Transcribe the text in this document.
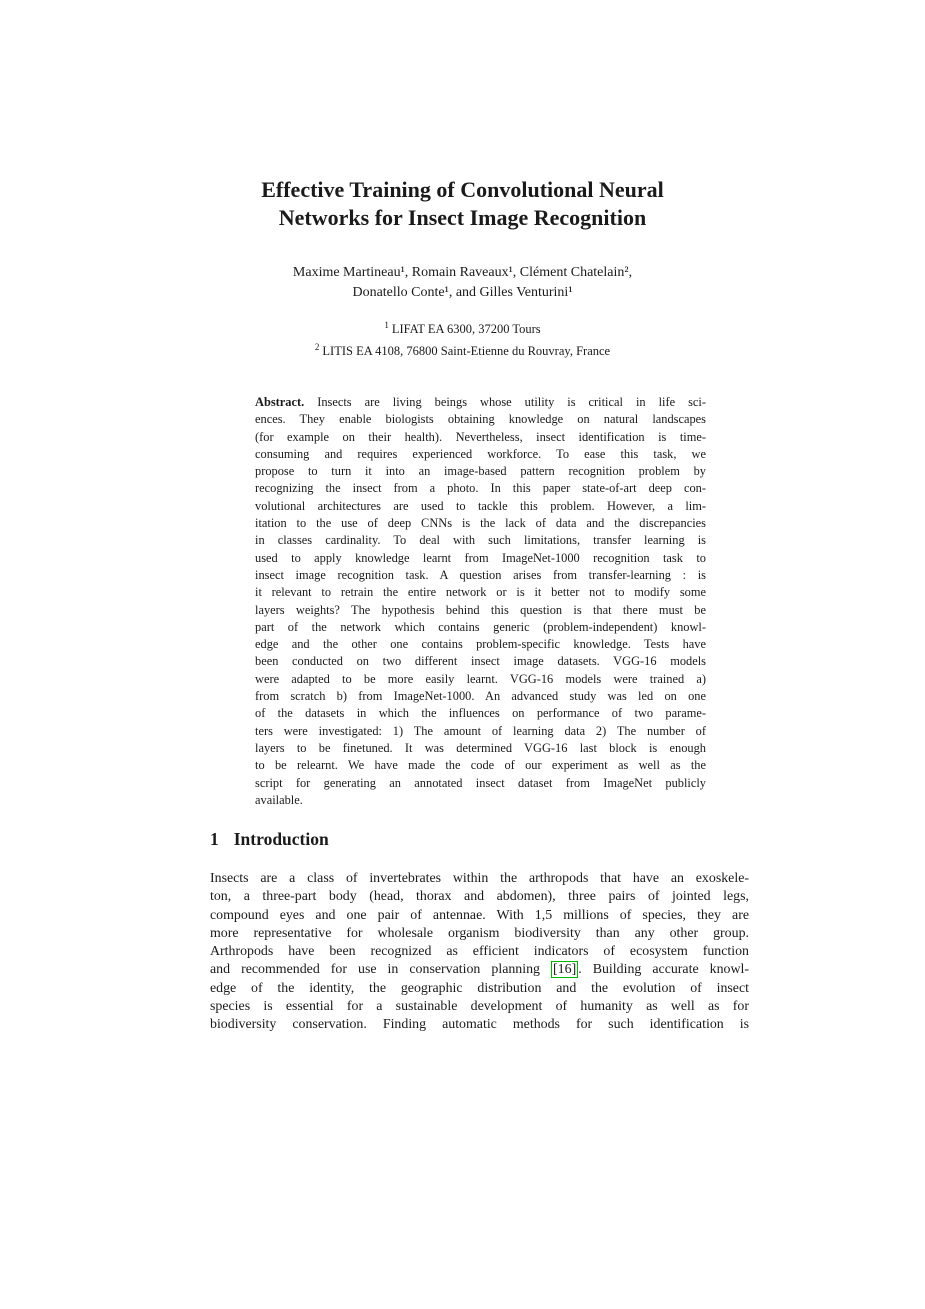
Effective Training of Convolutional Neural
Networks for Insect Image Recognition
Maxime Martineau¹, Romain Raveaux¹, Clément Chatelain²,
Donatello Conte¹, and Gilles Venturini¹
$^1$ LIFAT EA 6300, 37200 Tours
$^2$ LITIS EA 4108, 76800 Saint-Etienne du Rouvray, France
Abstract. Insects are living beings whose utility is critical in life sci-
ences. They enable biologists obtaining knowledge on natural landscapes
(for example on their health). Nevertheless, insect identification is time-
consuming and requires experienced workforce. To ease this task, we
propose to turn it into an image-based pattern recognition problem by
recognizing the insect from a photo. In this paper state-of-art deep con-
volutional architectures are used to tackle this problem. However, a lim-
itation to the use of deep CNNs is the lack of data and the discrepancies
in classes cardinality. To deal with such limitations, transfer learning is
used to apply knowledge learnt from ImageNet-1000 recognition task to
insect image recognition task. A question arises from transfer-learning : is
it relevant to retrain the entire network or is it better not to modify some
layers weights? The hypothesis behind this question is that there must be
part of the network which contains generic (problem-independent) knowl-
edge and the other one contains problem-specific knowledge. Tests have
been conducted on two different insect image datasets. VGG-16 models
were adapted to be more easily learnt. VGG-16 models were trained a)
from scratch b) from ImageNet-1000. An advanced study was led on one
of the datasets in which the influences on performance of two parame-
ters were investigated: 1) The amount of learning data 2) The number of
layers to be finetuned. It was determined VGG-16 last block is enough
to be relearnt. We have made the code of our experiment as well as the
script for generating an annotated insect dataset from ImageNet publicly
available.
1 Introduction
Insects are a class of invertebrates within the arthropods that have an exoskele-
ton, a three-part body (head, thorax and abdomen), three pairs of jointed legs,
compound eyes and one pair of antennae. With 1,5 millions of species, they are
more representative for wholesale organism biodiversity than any other group.
Arthropods have been recognized as efficient indicators of ecosystem function
and recommended for use in conservation planning [16] . Building accurate knowl-
edge of the identity, the geographic distribution and the evolution of insect
species is essential for a sustainable development of humanity as well as for
biodiversity conservation. Finding automatic methods for such identification is
